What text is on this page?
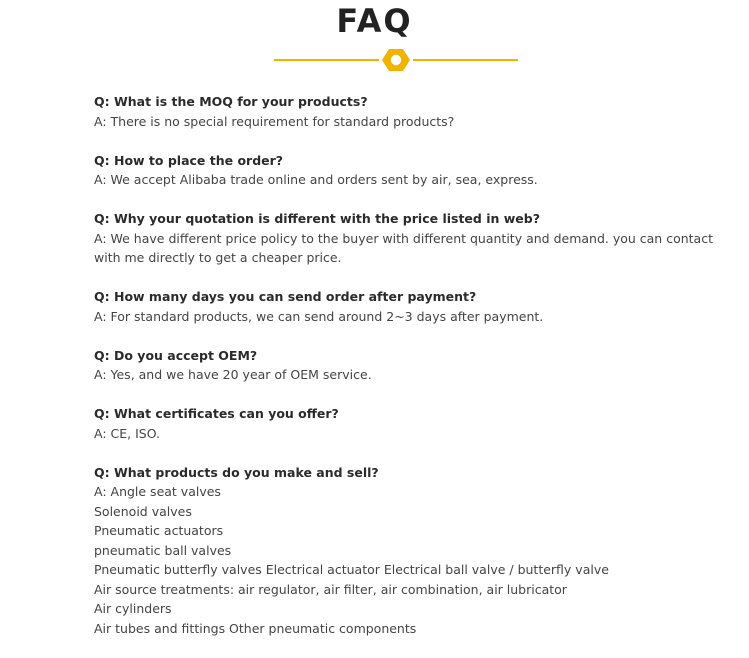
FAQ
Q: What is the MOQ for your products?
A: There is no special requirement for standard products?
Q: How to place the order?
A: We accept Alibaba trade online and orders sent by air, sea, express.
Q: Why your quotation is different with the price listed in web?
A: We have different price policy to the buyer with different quantity and demand. you can contact with me directly to get a cheaper price.
Q: How many days you can send order after payment?
A: For standard products, we can send around 2~3 days after payment.
Q: Do you accept OEM?
A: Yes, and we have 20 year of OEM service.
Q: What certificates can you offer?
A: CE, ISO.
Q: What products do you make and sell?
A: Angle seat valves
Solenoid valves
Pneumatic actuators
pneumatic ball valves
Pneumatic butterfly valves Electrical actuator Electrical ball valve / butterfly valve
Air source treatments: air regulator, air filter, air combination, air lubricator
Air cylinders
Air tubes and fittings Other pneumatic components
